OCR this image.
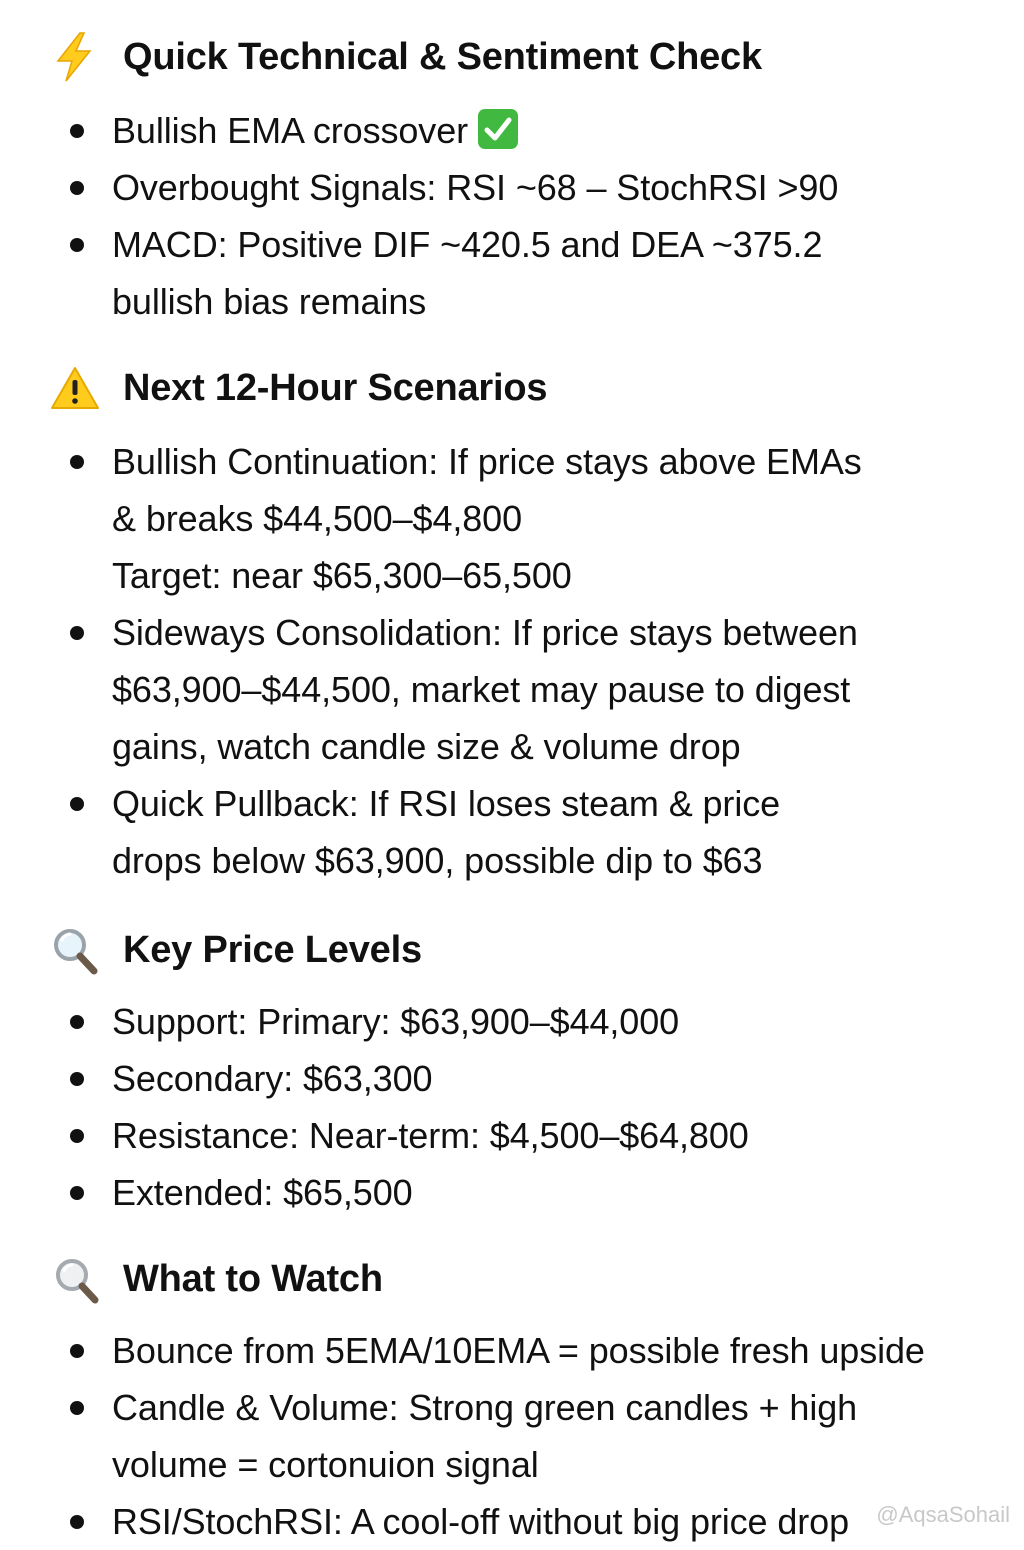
Quick Technical & Sentiment Check
Bullish EMA crossover
Overbought Signals: RSI ~68 – StochRSI >90
MACD: Positive DIF ~420.5 and DEA ~375.2
bullish bias remains
Next 12-Hour Scenarios
Bullish Continuation: If price stays above EMAs
& breaks $44,500–$4,800
Target: near $65,300–65,500
Sideways Consolidation: If price stays between
$63,900–$44,500, market may pause to digest
gains, watch candle size & volume drop
Quick Pullback: If RSI loses steam & price
drops below $63,900, possible dip to $63
Key Price Levels
Support: Primary: $63,900–$44,000
Secondary: $63,300
Resistance: Near-term: $4,500–$64,800
Extended: $65,500
What to Watch
Bounce from 5EMA/10EMA = possible fresh upside
Candle & Volume: Strong green candles + high
volume = cortonuion signal
RSI/StochRSI: A cool-off without big price drop @AqsaSohail
